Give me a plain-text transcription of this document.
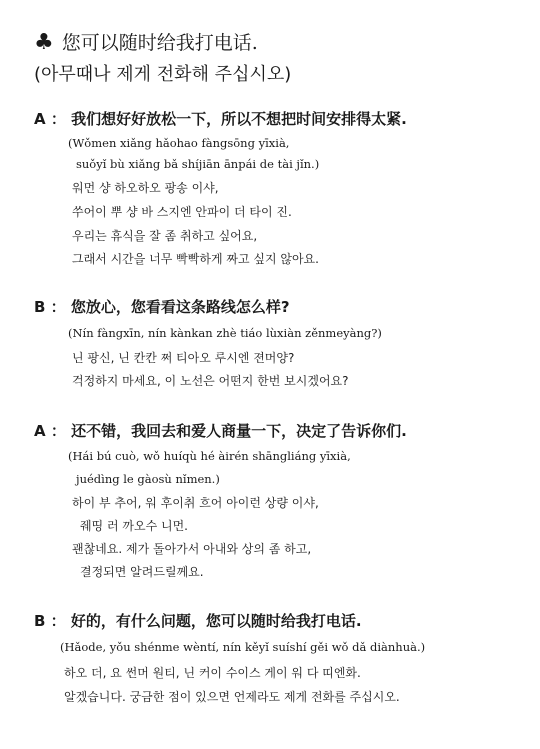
♣ 您可以随时给我打电话.
(아무때나 제게 전화해 주십시오)
A ： 我们想好好放松一下，所以不想把时间安排得太紧.
(Wǒmen xiǎng hǎohao fàngsōng yīxià,
suǒyǐ bù xiǎng bǎ shíjiān ānpái de tài jǐn.)
워먼 샹 하오하오 팡송 이샤,
쑤어이 뿌 샹 바 스지엔 안파이 더 타이 진.
우리는 휴식을 잘 좀 취하고 싶어요,
그래서 시간을 너무 빡빡하게 짜고 싶지 않아요.
B ： 您放心，您看看这条路线怎么样?
(Nín fàngxīn, nín kànkan zhè tiáo lùxiàn zěnmeyàng?)
닌 팡신, 닌 칸칸 쩌 티아오 루시엔 젼머양?
걱정하지 마세요, 이 노선은 어떤지 한번 보시겠어요?
A ： 还不错，我回去和爱人商量一下，决定了告诉你们.
(Hái bú cuò, wǒ huíqù hé àirén shāngliáng yīxià,
juédìng le gàosù nǐmen.)
하이 부 추어, 워 후이취 흐어 아이런 상량 이샤,
줴띵 러 까오수 니먼.
괜찮네요. 제가 돌아가서 아내와 상의 좀 하고,
결정되면 알려드릴께요.
B ： 好的，有什么问题，您可以随时给我打电话.
(Hǎode, yǒu shénme wèntí, nín kěyǐ suíshí gěi wǒ dǎ diànhuà.)
하오 더, 요 썬머 원티, 닌 커이 수이스 게이 워 다 띠엔화.
알겠습니다. 궁금한 점이 있으면 언제라도 제게 전화를 주십시오.
